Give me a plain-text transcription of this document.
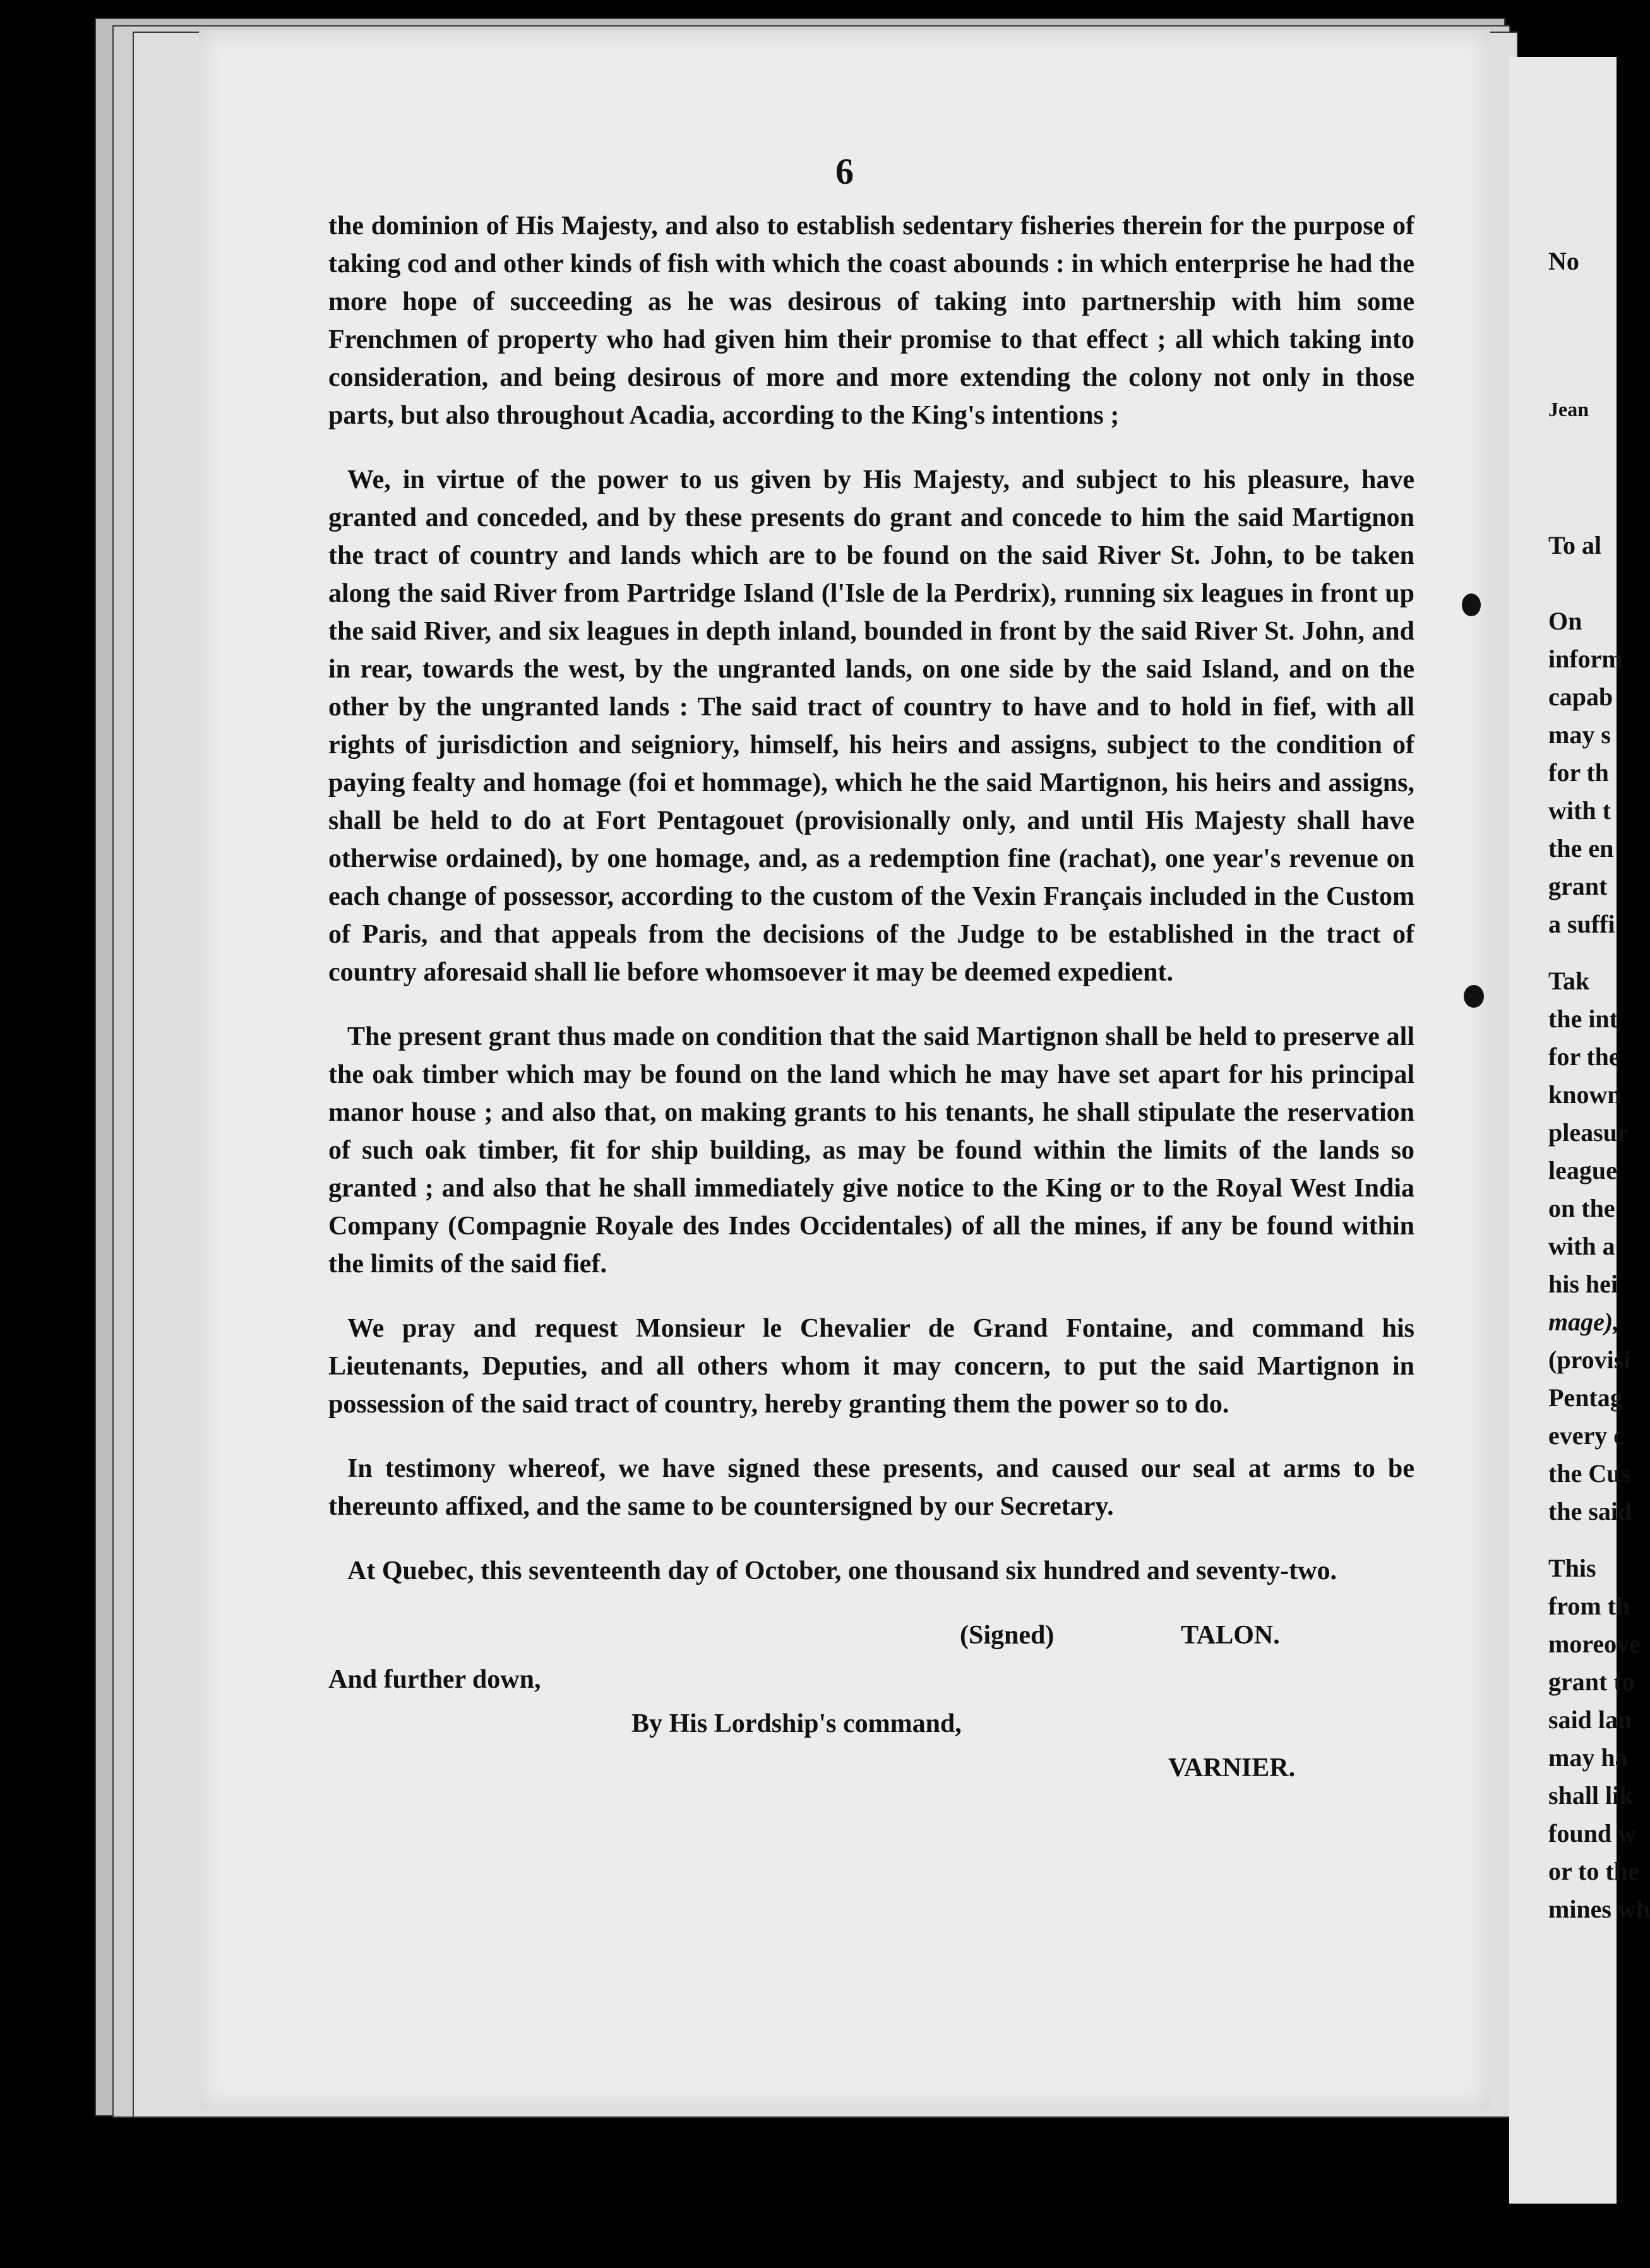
6

the dominion of His Majesty, and also to establish sedentary fisheries therein for the purpose of taking cod and other kinds of fish with which the coast abounds : in which enterprise he had the more hope of succeeding as he was desirous of taking into partnership with him some Frenchmen of property who had given him their promise to that effect ; all which taking into consideration, and being desirous of more and more extending the colony not only in those parts, but also throughout Acadia, according to the King's intentions ;

We, in virtue of the power to us given by His Majesty, and subject to his pleasure, have granted and conceded, and by these presents do grant and concede to him the said Martignon the tract of country and lands which are to be found on the said River St. John, to be taken along the said River from Partridge Island (l'Isle de la Perdrix), running six leagues in front up the said River, and six leagues in depth inland, bounded in front by the said River St. John, and in rear, towards the west, by the ungranted lands, on one side by the said Island, and on the other by the ungranted lands : The said tract of country to have and to hold in fief, with all rights of jurisdiction and seigniory, himself, his heirs and assigns, subject to the condition of paying fealty and homage (foi et hommage), which he the said Martignon, his heirs and assigns, shall be held to do at Fort Pentagouet (provisionally only, and until His Majesty shall have otherwise ordained), by one homage, and, as a redemption fine (rachat), one year's revenue on each change of possessor, according to the custom of the Vexin Français included in the Custom of Paris, and that appeals from the decisions of the Judge to be established in the tract of country aforesaid shall lie before whomsoever it may be deemed expedient.

The present grant thus made on condition that the said Martignon shall be held to preserve all the oak timber which may be found on the land which he may have set apart for his principal manor house ; and also that, on making grants to his tenants, he shall stipulate the reservation of such oak timber, fit for ship building, as may be found within the limits of the lands so granted ; and also that he shall immediately give notice to the King or to the Royal West India Company (Compagnie Royale des Indes Occidentales) of all the mines, if any be found within the limits of the said fief.

We pray and request Monsieur le Chevalier de Grand Fontaine, and command his Lieutenants, Deputies, and all others whom it may concern, to put the said Martignon in possession of the said tract of country, hereby granting them the power so to do.

In testimony whereof, we have signed these presents, and caused our seal at arms to be thereunto affixed, and the same to be countersigned by our Secretary.

At Quebec, this seventeenth day of October, one thousand six hundred and seventy-two.

(Signed)	TALON.
And further down,
By His Lordship's command,
VARNIER.
No
Jean
To al
On
inform
capab
may s
for th
with t
the en
grant
a suffi
Tak
the int
for the
known
pleasur
league
on the
with a
his hei
mage),
(provisi
Pentag
every c
the Cus
the said
This
from th
moreove
grant to
said lan
may ha
shall lik
found w
or to the
mines wh
